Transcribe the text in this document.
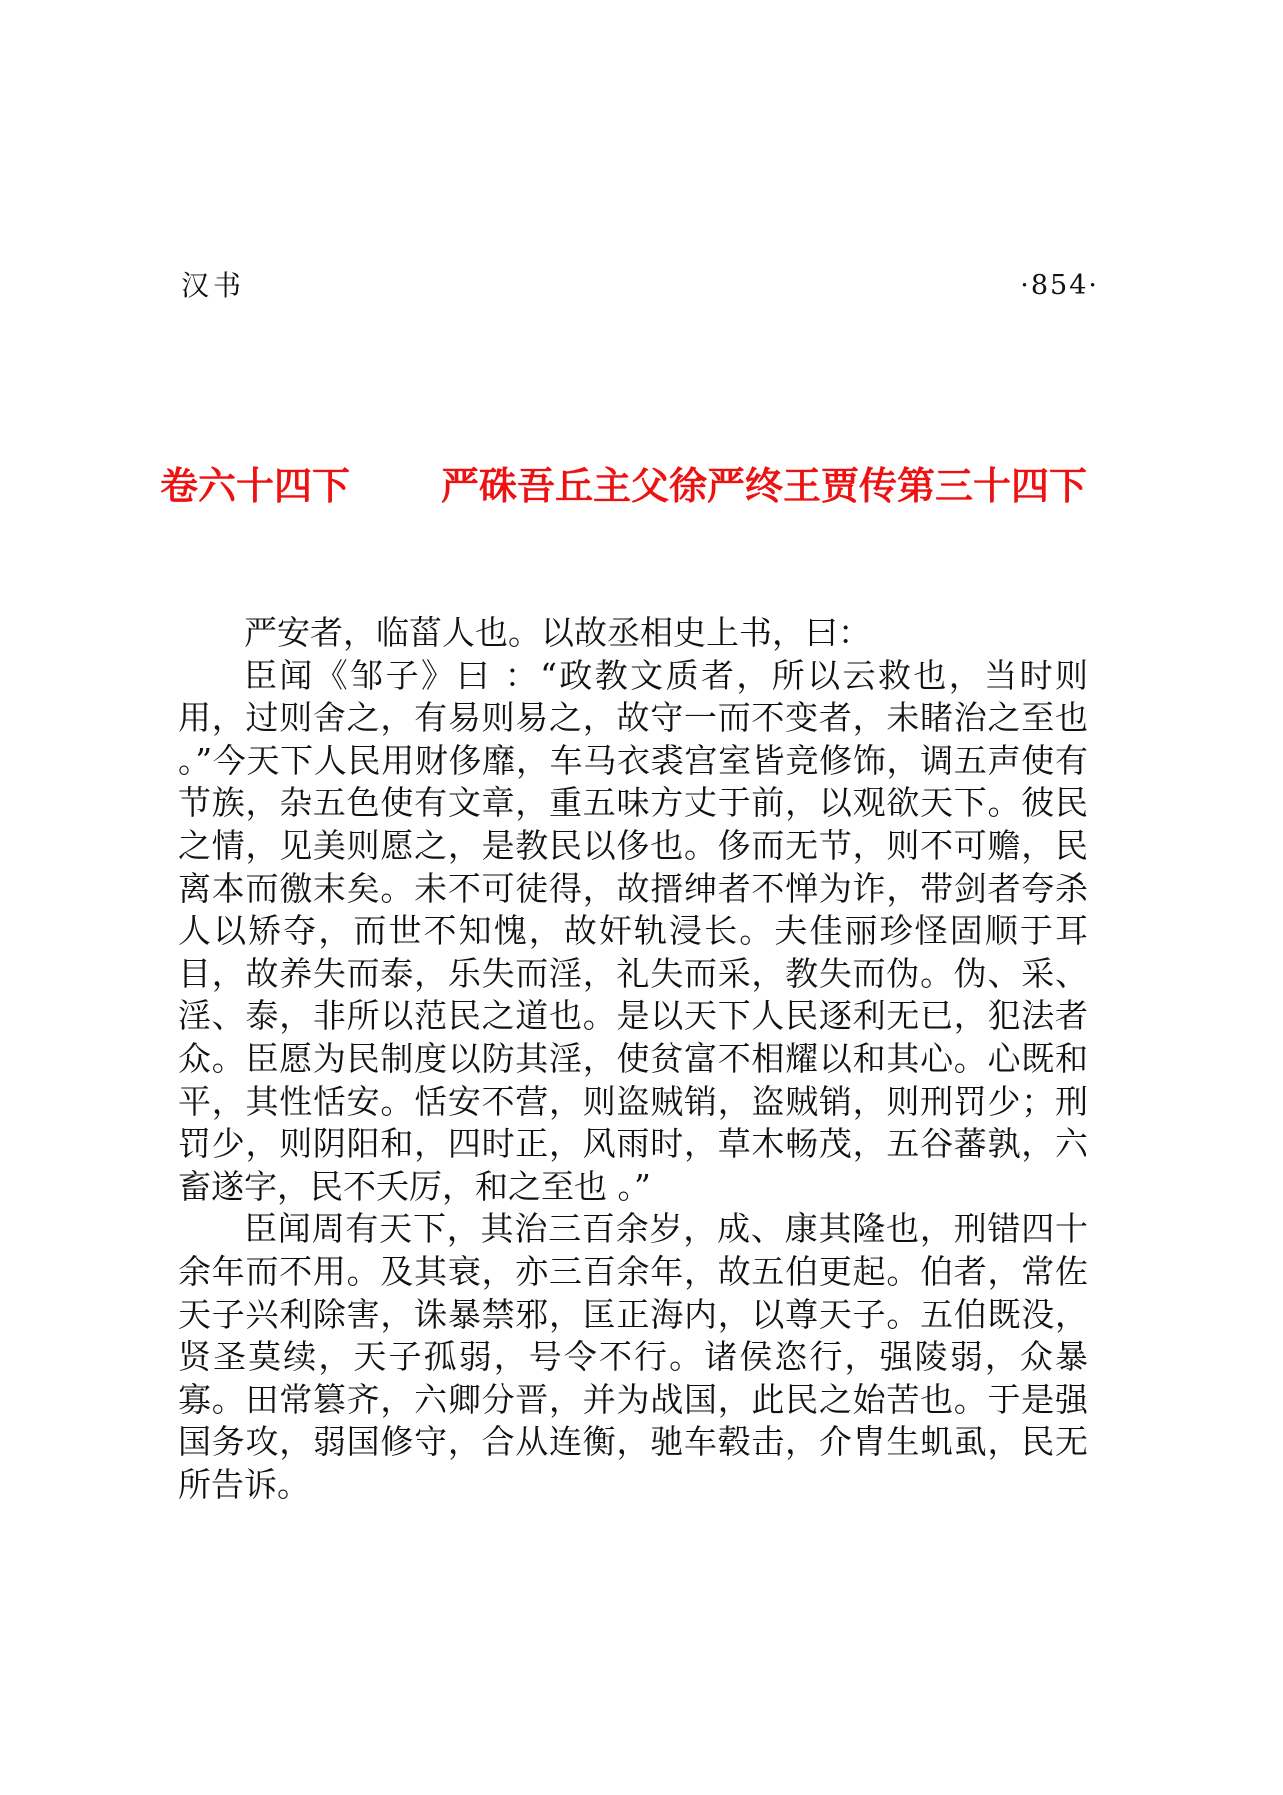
汉书	·854·
卷六十四下 严硃吾丘主父徐严终王贾传第三十四下

严安者，临菑人也。以故丞相史上书，曰：

臣闻《邹子》曰 ：“政教文质者，所以云救也，当时则用，过则舍之，有易则易之，故守一而不变者，未睹治之至也 。”今天下人民用财侈靡，车马衣裘宫室皆竞修饰，调五声使有节族，杂五色使有文章，重五味方丈于前，以观欲天下。彼民之情，见美则愿之，是教民以侈也。侈而无节，则不可赡，民离本而徼末矣。未不可徒得，故搢绅者不惮为诈，带剑者夸杀人以矫夺，而世不知愧，故奸轨浸长。夫佳丽珍怪固顺于耳目，故养失而泰，乐失而淫，礼失而采，教失而伪。伪、采、淫、泰，非所以范民之道也。是以天下人民逐利无已，犯法者众。臣愿为民制度以防其淫，使贫富不相耀以和其心。心既和平，其性恬安。恬安不营，则盗贼销，盗贼销，则刑罚少；刑罚少，则阴阳和，四时正，风雨时，草木畅茂，五谷蕃孰，六畜遂字，民不夭厉，和之至也 。”

臣闻周有天下，其治三百余岁，成、康其隆也，刑错四十余年而不用。及其衰，亦三百余年，故五伯更起。伯者，常佐天子兴利除害，诛暴禁邪，匡正海内，以尊天子。五伯既没，贤圣莫续，天子孤弱，号令不行。诸侯恣行，强陵弱，众暴寡。田常篡齐，六卿分晋，并为战国，此民之始苦也。于是强国务攻，弱国修守，合从连衡，驰车毂击，介胄生虮虱，民无所告诉。
